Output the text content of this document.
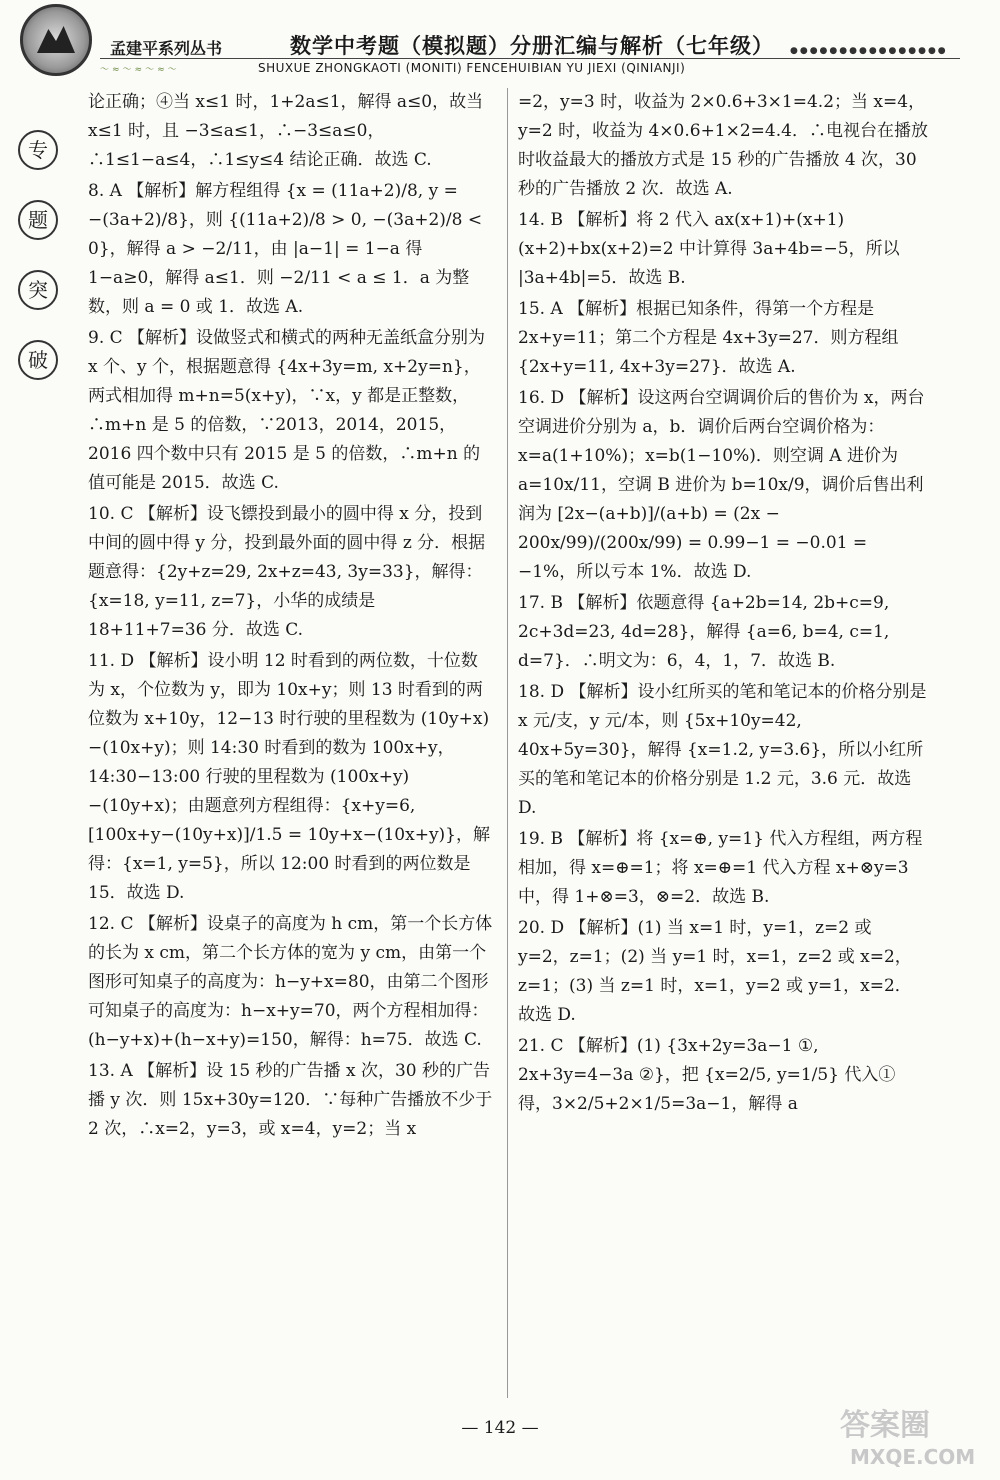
孟建平系列丛书	数学中考题（模拟题）分册汇编与解析（七年级） ●●●●●●●●●●●●●●●●
～≈～≈～≈～	SHUXUE ZHONGKAOTI (MONITI) FENCEHUIBIAN YU JIEXI (QINIANJI)
专
题
突
破

论正确；④当 x≤1 时，1+2a≤1，解得 a≤0，故当 x≤1 时，且 −3≤a≤1，∴−3≤a≤0，∴1≤1−a≤4，∴1≤y≤4 结论正确．故选 C.

8. A 【解析】解方程组得 {x = (11a+2)/8, y = −(3a+2)/8}，则 {(11a+2)/8 > 0, −(3a+2)/8 < 0}，解得 a > −2/11，由 |a−1| = 1−a 得 1−a≥0，解得 a≤1．则 −2/11 < a ≤ 1．a 为整数，则 a = 0 或 1．故选 A.

9. C 【解析】设做竖式和横式的两种无盖纸盒分别为 x 个、y 个，根据题意得 {4x+3y=m, x+2y=n}，两式相加得 m+n=5(x+y)，∵x，y 都是正整数，∴m+n 是 5 的倍数，∵2013，2014，2015，2016 四个数中只有 2015 是 5 的倍数，∴m+n 的值可能是 2015．故选 C.

10. C 【解析】设飞镖投到最小的圆中得 x 分，投到中间的圆中得 y 分，投到最外面的圆中得 z 分．根据题意得：{2y+z=29, 2x+z=43, 3y=33}，解得：{x=18, y=11, z=7}，小华的成绩是 18+11+7=36 分．故选 C.

11. D 【解析】设小明 12 时看到的两位数，十位数为 x，个位数为 y，即为 10x+y；则 13 时看到的两位数为 x+10y，12−13 时行驶的里程数为 (10y+x)−(10x+y)；则 14:30 时看到的数为 100x+y，14:30−13:00 行驶的里程数为 (100x+y)−(10y+x)；由题意列方程组得：{x+y=6, [100x+y−(10y+x)]/1.5 = 10y+x−(10x+y)}，解得：{x=1, y=5}，所以 12:00 时看到的两位数是 15．故选 D.

12. C 【解析】设桌子的高度为 h cm，第一个长方体的长为 x cm，第二个长方体的宽为 y cm，由第一个图形可知桌子的高度为：h−y+x=80，由第二个图形可知桌子的高度为：h−x+y=70，两个方程相加得：(h−y+x)+(h−x+y)=150，解得：h=75．故选 C.

13. A 【解析】设 15 秒的广告播 x 次，30 秒的广告播 y 次．则 15x+30y=120．∵每种广告播放不少于 2 次，∴x=2，y=3，或 x=4，y=2；当 x

=2，y=3 时，收益为 2×0.6+3×1=4.2；当 x=4，y=2 时，收益为 4×0.6+1×2=4.4．∴电视台在播放时收益最大的播放方式是 15 秒的广告播放 4 次，30 秒的广告播放 2 次．故选 A.

14. B 【解析】将 2 代入 ax(x+1)+(x+1)(x+2)+bx(x+2)=2 中计算得 3a+4b=−5，所以 |3a+4b|=5．故选 B.

15. A 【解析】根据已知条件，得第一个方程是 2x+y=11；第二个方程是 4x+3y=27．则方程组 {2x+y=11, 4x+3y=27}．故选 A.

16. D 【解析】设这两台空调调价后的售价为 x，两台空调进价分别为 a，b．调价后两台空调价格为：x=a(1+10%)；x=b(1−10%)．则空调 A 进价为 a=10x/11，空调 B 进价为 b=10x/9，调价后售出利润为 [2x−(a+b)]/(a+b) = (2x − 200x/99)/(200x/99) = 0.99−1 = −0.01 = −1%，所以亏本 1%．故选 D.

17. B 【解析】依题意得 {a+2b=14, 2b+c=9, 2c+3d=23, 4d=28}，解得 {a=6, b=4, c=1, d=7}．∴明文为：6，4，1，7．故选 B.

18. D 【解析】设小红所买的笔和笔记本的价格分别是 x 元/支，y 元/本，则 {5x+10y=42, 40x+5y=30}，解得 {x=1.2, y=3.6}，所以小红所买的笔和笔记本的价格分别是 1.2 元，3.6 元．故选 D.

19. B 【解析】将 {x=⊕, y=1} 代入方程组，两方程相加，得 x=⊕=1；将 x=⊕=1 代入方程 x+⊗y=3 中，得 1+⊗=3，⊗=2．故选 B.

20. D 【解析】(1) 当 x=1 时，y=1，z=2 或 y=2，z=1；(2) 当 y=1 时，x=1，z=2 或 x=2，z=1；(3) 当 z=1 时，x=1，y=2 或 y=1，x=2．故选 D.

21. C 【解析】(1) {3x+2y=3a−1 ①, 2x+3y=4−3a ②}，把 {x=2/5, y=1/5} 代入①得，3×2/5+2×1/5=3a−1，解得 a

— 142 —	答案圈
MXQE.COM
